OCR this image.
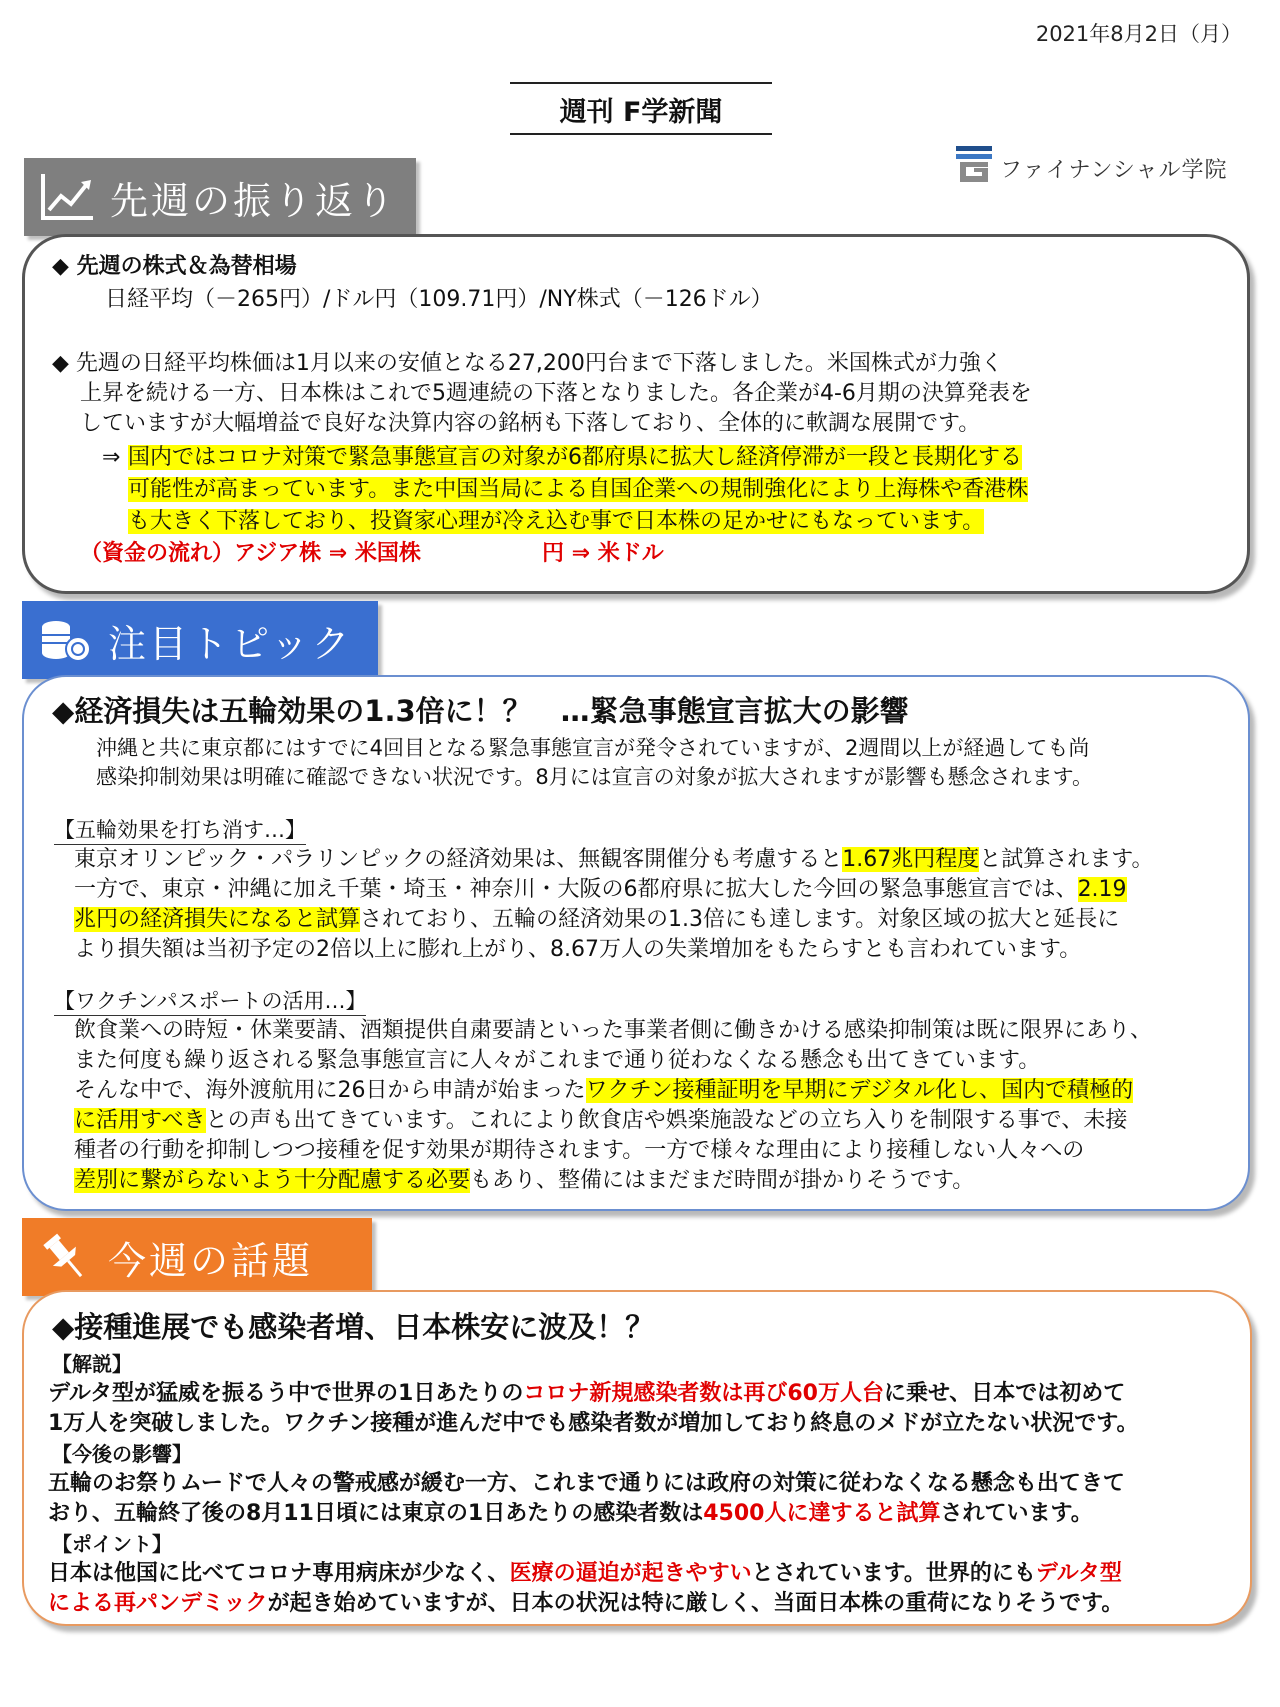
2021年8月2日（月）
週刊 F学新聞
ファイナンシャル学院
先週の振り返り
◆ 先週の株式＆為替相場
日経平均（－265円）/ドル円（109.71円）/NY株式（－126ドル）
◆ 先週の日経平均株価は1月以来の安値となる27,200円台まで下落しました。米国株式が力強く
上昇を続ける一方、日本株はこれで5週連続の下落となりました。各企業が4-6月期の決算発表を
していますが大幅増益で良好な決算内容の銘柄も下落しており、全体的に軟調な展開です。
⇒ 国内ではコロナ対策で緊急事態宣言の対象が6都府県に拡大し経済停滞が一段と長期化する
可能性が高まっています。また中国当局による自国企業への規制強化により上海株や香港株
も大きく下落しており、投資家心理が冷え込む事で日本株の足かせにもなっています。
（資金の流れ）アジア株 ⇒ 米国株	円 ⇒ 米ドル
注目トピック
◆経済損失は五輪効果の1.3倍に！？　…緊急事態宣言拡大の影響
沖縄と共に東京都にはすでに4回目となる緊急事態宣言が発令されていますが、2週間以上が経過しても尚
感染抑制効果は明確に確認できない状況です。8月には宣言の対象が拡大されますが影響も懸念されます。
【五輪効果を打ち消す…】
東京オリンピック・パラリンピックの経済効果は、無観客開催分も考慮すると1.67兆円程度と試算されます。
一方で、東京・沖縄に加え千葉・埼玉・神奈川・大阪の6都府県に拡大した今回の緊急事態宣言では、2.19
兆円の経済損失になると試算されており、五輪の経済効果の1.3倍にも達します。対象区域の拡大と延長に
より損失額は当初予定の2倍以上に膨れ上がり、8.67万人の失業増加をもたらすとも言われています。
【ワクチンパスポートの活用…】
飲食業への時短・休業要請、酒類提供自粛要請といった事業者側に働きかける感染抑制策は既に限界にあり、
また何度も繰り返される緊急事態宣言に人々がこれまで通り従わなくなる懸念も出てきています。
そんな中で、海外渡航用に26日から申請が始まったワクチン接種証明を早期にデジタル化し、国内で積極的
に活用すべきとの声も出てきています。これにより飲食店や娯楽施設などの立ち入りを制限する事で、未接
種者の行動を抑制しつつ接種を促す効果が期待されます。一方で様々な理由により接種しない人々への
差別に繋がらないよう十分配慮する必要もあり、整備にはまだまだ時間が掛かりそうです。
今週の話題
◆接種進展でも感染者増、日本株安に波及！？
【解説】
デルタ型が猛威を振るう中で世界の1日あたりのコロナ新規感染者数は再び60万人台に乗せ、日本では初めて
1万人を突破しました。ワクチン接種が進んだ中でも感染者数が増加しており終息のメドが立たない状況です。
【今後の影響】
五輪のお祭りムードで人々の警戒感が緩む一方、これまで通りには政府の対策に従わなくなる懸念も出てきて
おり、五輪終了後の8月11日頃には東京の1日あたりの感染者数は4500人に達すると試算されています。
【ポイント】
日本は他国に比べてコロナ専用病床が少なく、医療の逼迫が起きやすいとされています。世界的にもデルタ型
による再パンデミックが起き始めていますが、日本の状況は特に厳しく、当面日本株の重荷になりそうです。
